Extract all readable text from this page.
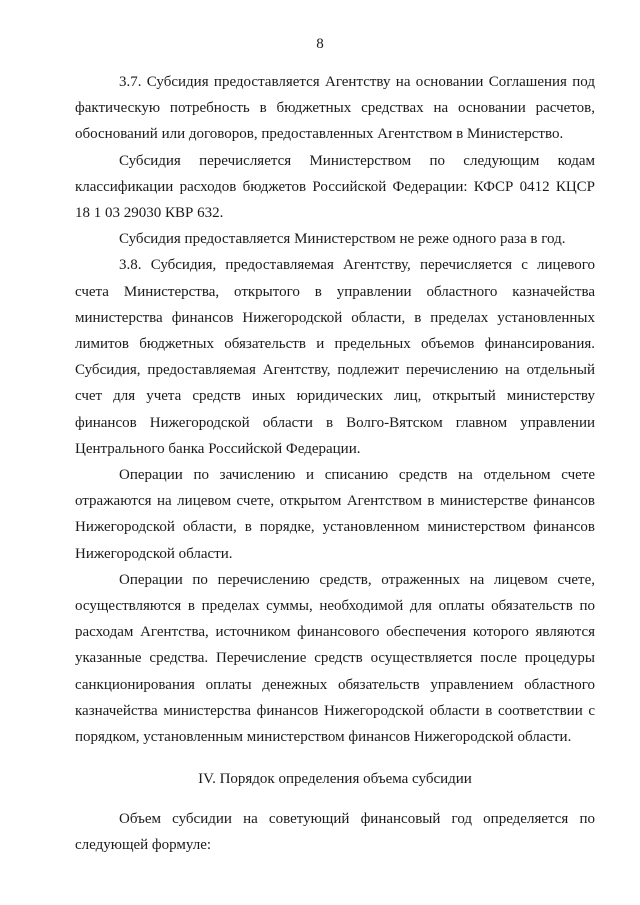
8

3.7. Субсидия предоставляется Агентству на основании Соглашения под фактическую потребность в бюджетных средствах на основании расчетов, обоснований или договоров, предоставленных Агентством в Министерство.

Субсидия перечисляется Министерством по следующим кодам классификации расходов бюджетов Российской Федерации: КФСР 0412 КЦСР 18 1 03 29030 КВР 632.

Субсидия предоставляется Министерством не реже одного раза в год.

3.8. Субсидия, предоставляемая Агентству, перечисляется с лицевого счета Министерства, открытого в управлении областного казначейства министерства финансов Нижегородской области, в пределах установленных лимитов бюджетных обязательств и предельных объемов финансирования. Субсидия, предоставляемая Агентству, подлежит перечислению на отдельный счет для учета средств иных юридических лиц, открытый министерству финансов Нижегородской области в Волго-Вятском главном управлении Центрального банка Российской Федерации.

Операции по зачислению и списанию средств на отдельном счете отражаются на лицевом счете, открытом Агентством в министерстве финансов Нижегородской области, в порядке, установленном министерством финансов Нижегородской области.

Операции по перечислению средств, отраженных на лицевом счете, осуществляются в пределах суммы, необходимой для оплаты обязательств по расходам Агентства, источником финансового обеспечения которого являются указанные средства. Перечисление средств осуществляется после процедуры санкционирования оплаты денежных обязательств управлением областного казначейства министерства финансов Нижегородской области в соответствии с порядком, установленным министерством финансов Нижегородской области.

IV. Порядок определения объема субсидии

Объем субсидии на советующий финансовый год определяется по следующей формуле:
